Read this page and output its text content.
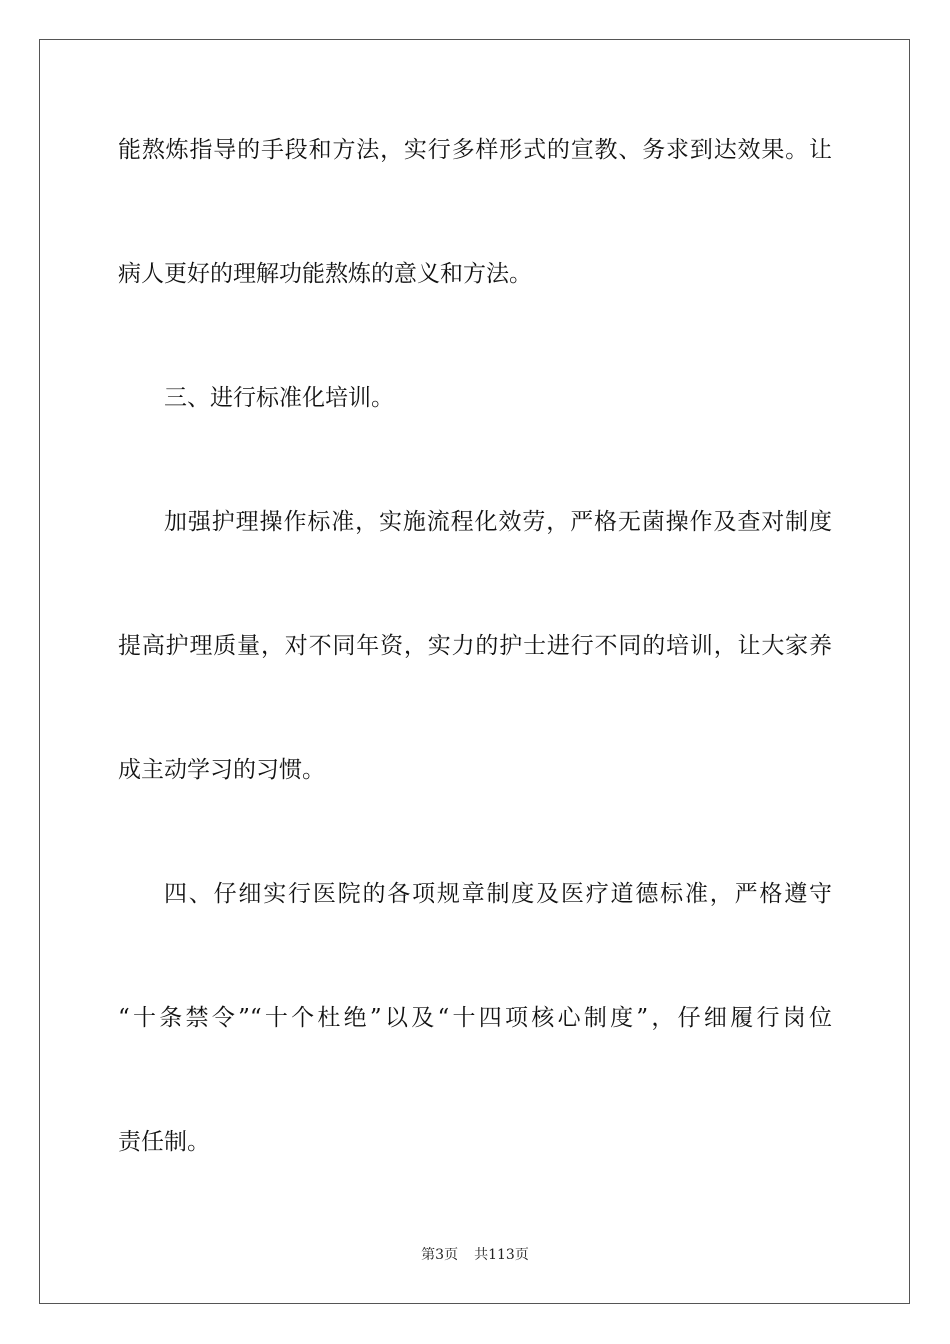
能熬炼指导的手段和方法，实行多样形式的宣教、务求到达效果。让
病人更好的理解功能熬炼的意义和方法。
三、进行标准化培训。
加强护理操作标准，实施流程化效劳，严格无菌操作及查对制度
提高护理质量，对不同年资，实力的护士进行不同的培训，让大家养
成主动学习的习惯。
四、仔细实行医院的各项规章制度及医疗道德标准，严格遵守
“十条禁令”“十个杜绝”以及“十四项核心制度”，仔细履行岗位
责任制。
第3页 共113页
